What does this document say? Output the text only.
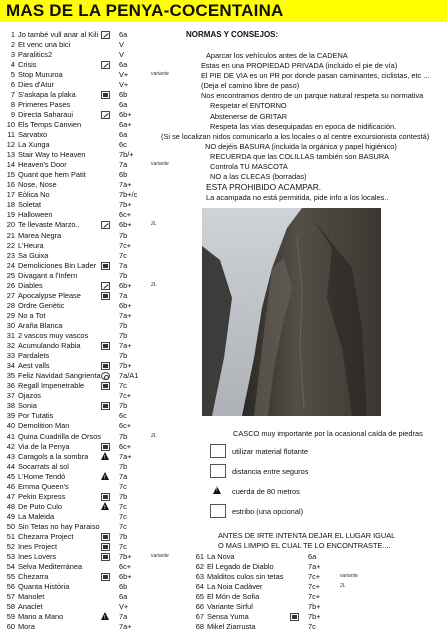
MAS DE LA PENYA-COCENTAINA
1 Jo també vull anar al Kili	6a
2 Et venc una bici	V
3 Paralitics2	V
4 Crisis	6a
5 Stop Mururoa	V+	variante
6 Dies d'Atur	V+
7 S'askapa la plaka	6b
8 Primeres Pases	6a
9 Directa Saharaui	6b+
10 Els Temps Canvien	6a+
11 Sarvatxo	6a
12 La Xunga	6c
13 Stair Way to Heaven	7b/+
14 Heaven's Door	7a	variante
15 Quant que hem Patit	6b
16 Nose, Nose	7a+
17 Eòlica No	7b+/c
18 Soletat	7b+
19 Halloween	6c+
20 Te llevaste Marzo..	6b+	2L
21 Marea Negra	7b
22 L'Heura	7c+
23 Sa Guixa	7c
24 Demoliciones Bin Lader	7a
25 Divagant a l'Infern	7b
26 Diables	6b+	2L
27 Apocalypse Please	7a
28 Ordre Genètic	6b+
29 No a Tot	7a+
30 Araña Blanca	7b
31 2 vascos muy vascos	7b
32 Acumulando Rabia	7a+
33 Pardalets	7b
34 Aest valls	7b+
35 Feliz Navidad Sangrienta 7a/A1
36 Regall Impenetrable	7c
37 Ojazos	7c+
38 Sonia	7b
39 Por Tutatis	6c
40 Demolition Man	6c+
41 Quina Cuadrilla de Orsos 7b	2L
42 Via de la Penya	6c+
43 Caragols a la sombra	7a+
!
44 Socarrats al sol	7b
45 L'Home Tendó	7a
!
46 Emma Queen's	7c
47 Pekin Express	7b
48 De Puto Culo	7c
!
49 La Maleida	7c
50 Sin Tetas no hay Paraiso	7c
51 Chezarra Project	7b
52 Ines Project	7c
53 Ines Lovers	7b+	variante
54 Selva Mediterránea	6c+
55 Chezarra	6b+
56 Quanta Història	6b
57 Manolet	6a
58 Anaclet	V+
59 Mano a Mano	7a
!
60 Mora	7a+
61 La Nova	6a
62 El Legado de Diablo	7a+
63 Malditos culos sin tetas	7c+	variante
64 La Noia Cadàver	7c+	2L
65 El Món de Sofia	7c+
66 Variante Sirful	7b+
67 Sensa Yuma	7b+
68 Mikel Ziarrusta	7c
NORMAS Y CONSEJOS:
Aparcar los vehículos antes de la CADENA
Estas en una PROPIEDAD PRIVADA (incluido el pie de vía)
El PIE DE VIA es un PR por donde pasan caminantes, ciclistas, etc ...
(Deja el camino libre de paso)
Nos encontramos dentro de un parque natural respeta su normativa
Respetar el ENTORNO
Abstenerse de GRITAR
Respeta las vías desequipadas en epoca de nidificación.
(Si se localizan nidos comunicarlo a los locales o al centre excursionista contestá)
NO dejéis BASURA (incluida la orgánica y papel higiénico)
RECUERDA que las COLILLAS también son BASURA
Controla TU MASCOTA
NO a las CLECAS (borradas)
ESTA PROHIBIDO ACAMPAR.
La acampada no está permitida, pide info a los locales..
CASCO muy importante por la ocasional caída de piedras
utilizar material flotante
distancia entre seguros
!
cuerda de 80 metros
estribo (una opcional)
ANTES DE IRTE INTENTA DEJAR EL LUGAR IGUAL
O MAS LIMPIO EL CUAL TE LO ENCONTRASTE....
